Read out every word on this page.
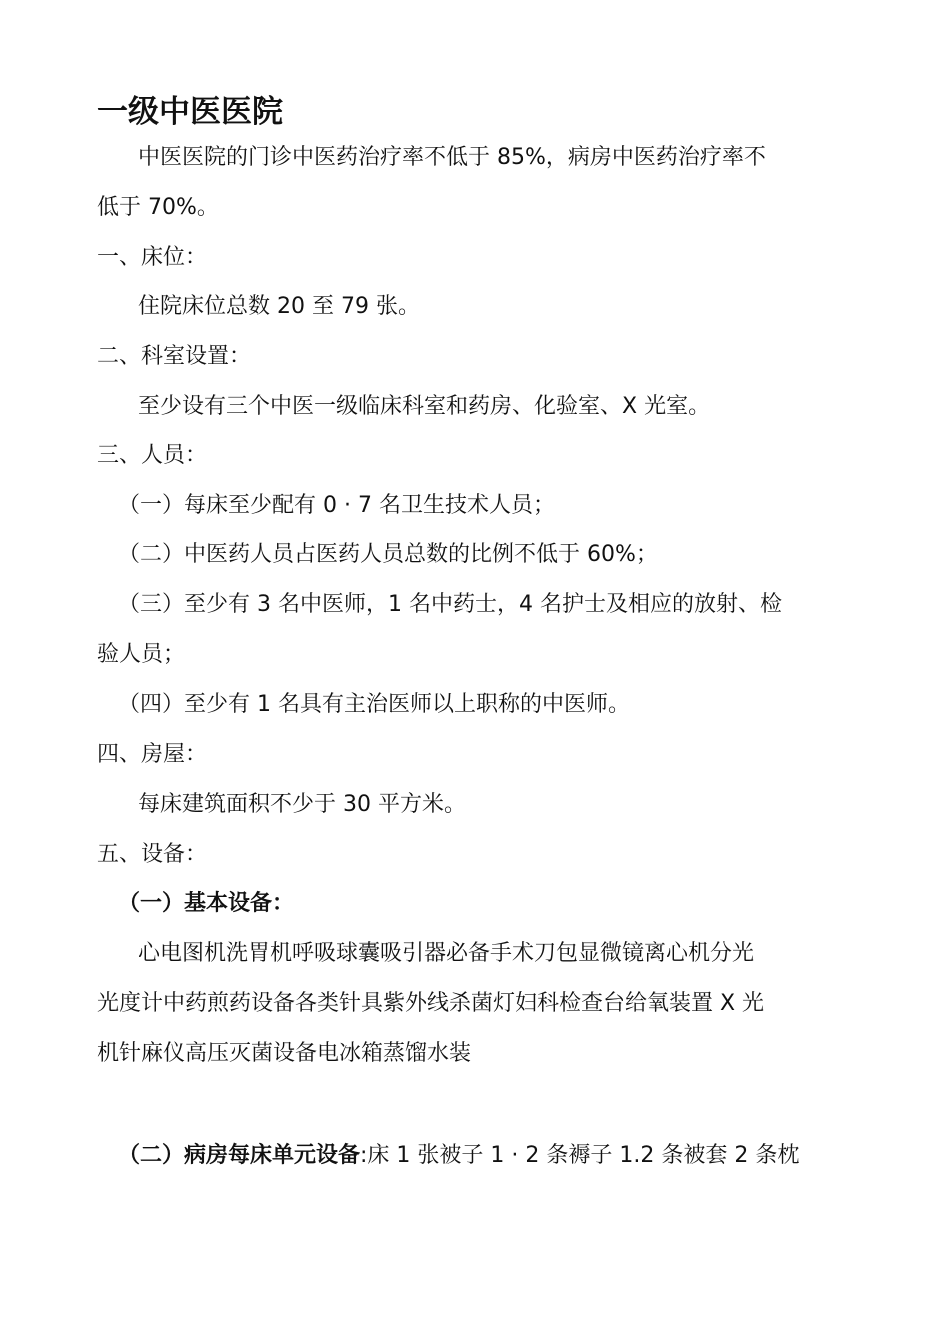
一级中医医院

中医医院的门诊中医药治疗率不低于 85%，病房中医药治疗率不

低于 70%。

一、床位：

住院床位总数 20 至 79 张。

二、科室设置：

至少设有三个中医一级临床科室和药房、化验室、X 光室。

三、人员：

（一）每床至少配有 0 · 7 名卫生技术人员；

（二）中医药人员占医药人员总数的比例不低于 60%；

（三）至少有 3 名中医师，1 名中药士，4 名护士及相应的放射、检

验人员；

（四）至少有 1 名具有主治医师以上职称的中医师。

四、房屋：

每床建筑面积不少于 30 平方米。

五、设备：

（一）基本设备：

心电图机洗胃机呼吸球囊吸引器必备手术刀包显微镜离心机分光

光度计中药煎药设备各类针具紫外线杀菌灯妇科检查台给氧装置 X 光

机针麻仪高压灭菌设备电冰箱蒸馏水装

（二）病房每床单元设备:床 1 张被子 1 · 2 条褥子 1.2 条被套 2 条枕
